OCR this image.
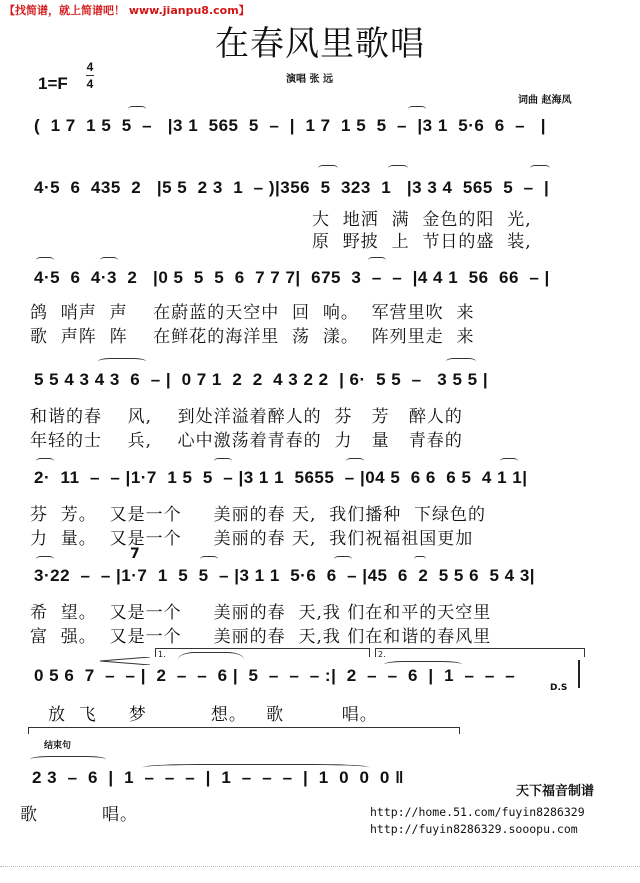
【找简谱，就上简谱吧！ www.jianpu8.com】
在春风里歌唱
演唱 张 远
1=F
4
4
词曲 赵海凤
(  1 7  1 5  5  –   |3 1  565  5  –  |  1 7  1 5  5  –  |3 1  5·6  6  –   |
4·5  6  435  2   |5 5  2 3  1  – )|356  5  323  1   |3 3 4  565  5  –  |
大  地洒  满  金色的阳  光,
原  野披  上  节日的盛  装,
4·5  6  4·3  2   |0 5  5  5  6  7 7 7|  675  3  –  –  |4 4 1  56  66  – |
鸽  哨声  声    在蔚蓝的天空中  回  响。  军营里吹  来
歌  声阵  阵    在鲜花的海洋里  荡  漾。  阵列里走  来
5 5 4 3 4 3  6  – |  0 7 1  2  2  4 3 2 2  | 6·  5 5  –   3 5 5 |
和谐的春    风,    到处洋溢着醉人的  芬   芳   醉人的
年轻的士    兵,    心中激荡着青春的  力   量   青春的
2·  11  –  – |1·7  1 5  5  – |3 1 1  5655  – |04 5  6 6  6 5  4 1 1|
芬  芳。  又是一个     美丽的春 天,  我们播种  下绿色的
力  量。  又是一个     美丽的春 天,  我们祝福祖国更加
7
3·22  –  – |1·7  1  5  5  – |3 1 1  5·6  6  – |45  6  2  5 5 6  5 4 3|
希  望。  又是一个     美丽的春  天,我 们在和平的天空里
富  强。  又是一个     美丽的春  天,我 们在和谐的春风里
1.	2.
0 5 6  7  –  – |  2  –  –  6 |  5  –  –  – :|  2  –  –  6  |  1  –  –  –
D.S
放  飞     梦          想。   歌         唱。
结束句
2 3  –  6  |  1  –  –  –  |  1  –  –  –  |  1  0  0  0 ‖
歌          唱。
天下福音制谱
http://home.51.com/fuyin8286329
http://fuyin8286329.sooopu.com
